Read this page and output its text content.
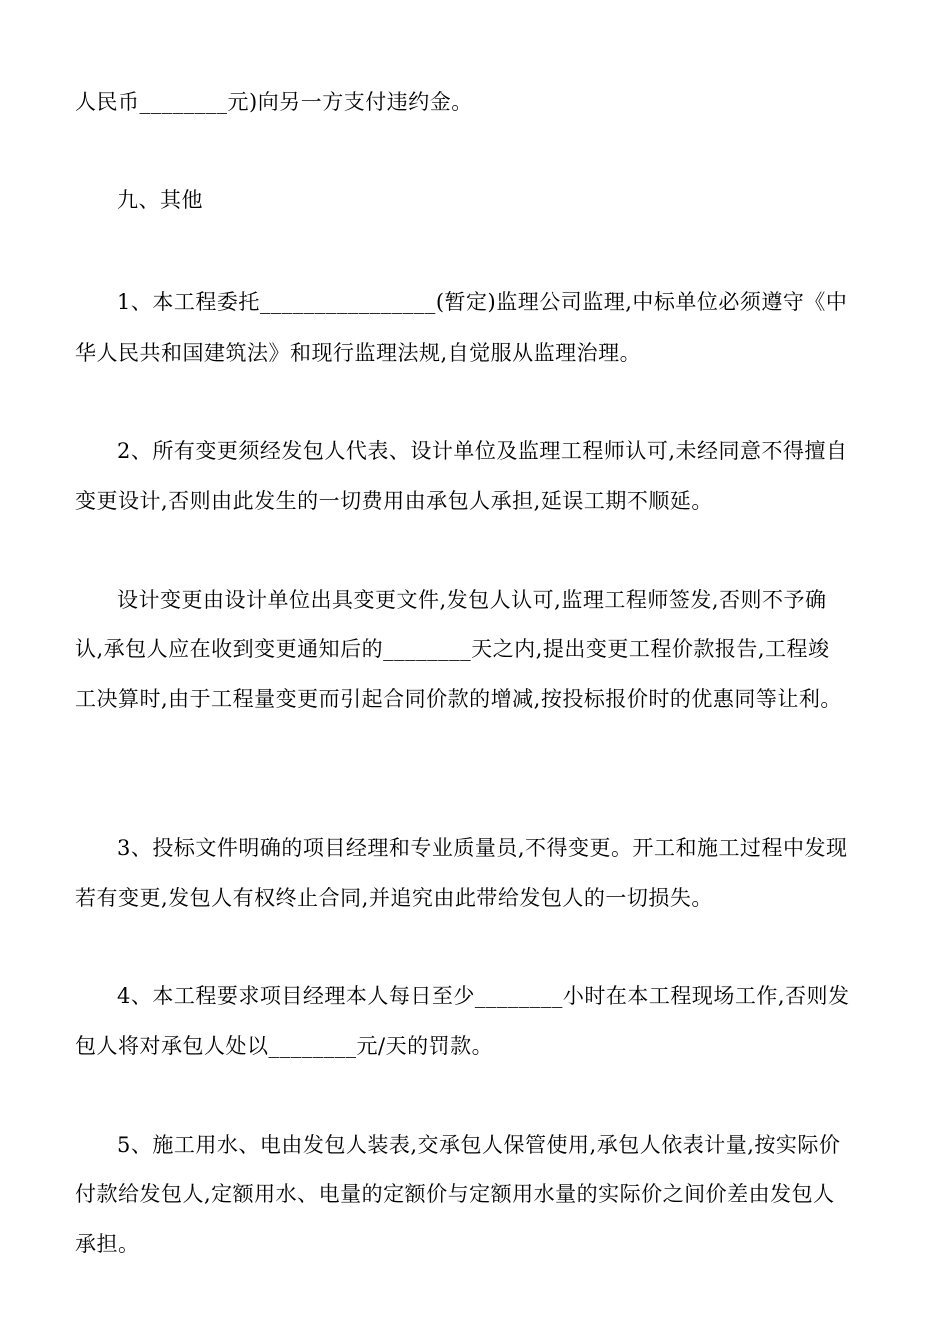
人民币________元)向另一方支付违约金。
九、其他
1、本工程委托________________(暂定)监理公司监理,中标单位必须遵守《中
华人民共和国建筑法》和现行监理法规,自觉服从监理治理。
2、所有变更须经发包人代表、设计单位及监理工程师认可,未经同意不得擅自
变更设计,否则由此发生的一切费用由承包人承担,延误工期不顺延。
设计变更由设计单位出具变更文件,发包人认可,监理工程师签发,否则不予确
认,承包人应在收到变更通知后的________天之内,提出变更工程价款报告,工程竣
工决算时,由于工程量变更而引起合同价款的增减,按投标报价时的优惠同等让利。
3、投标文件明确的项目经理和专业质量员,不得变更。开工和施工过程中发现
若有变更,发包人有权终止合同,并追究由此带给发包人的一切损失。
4、本工程要求项目经理本人每日至少________小时在本工程现场工作,否则发
包人将对承包人处以________元/天的罚款。
5、施工用水、电由发包人装表,交承包人保管使用,承包人依表计量,按实际价
付款给发包人,定额用水、电量的定额价与定额用水量的实际价之间价差由发包人
承担。
